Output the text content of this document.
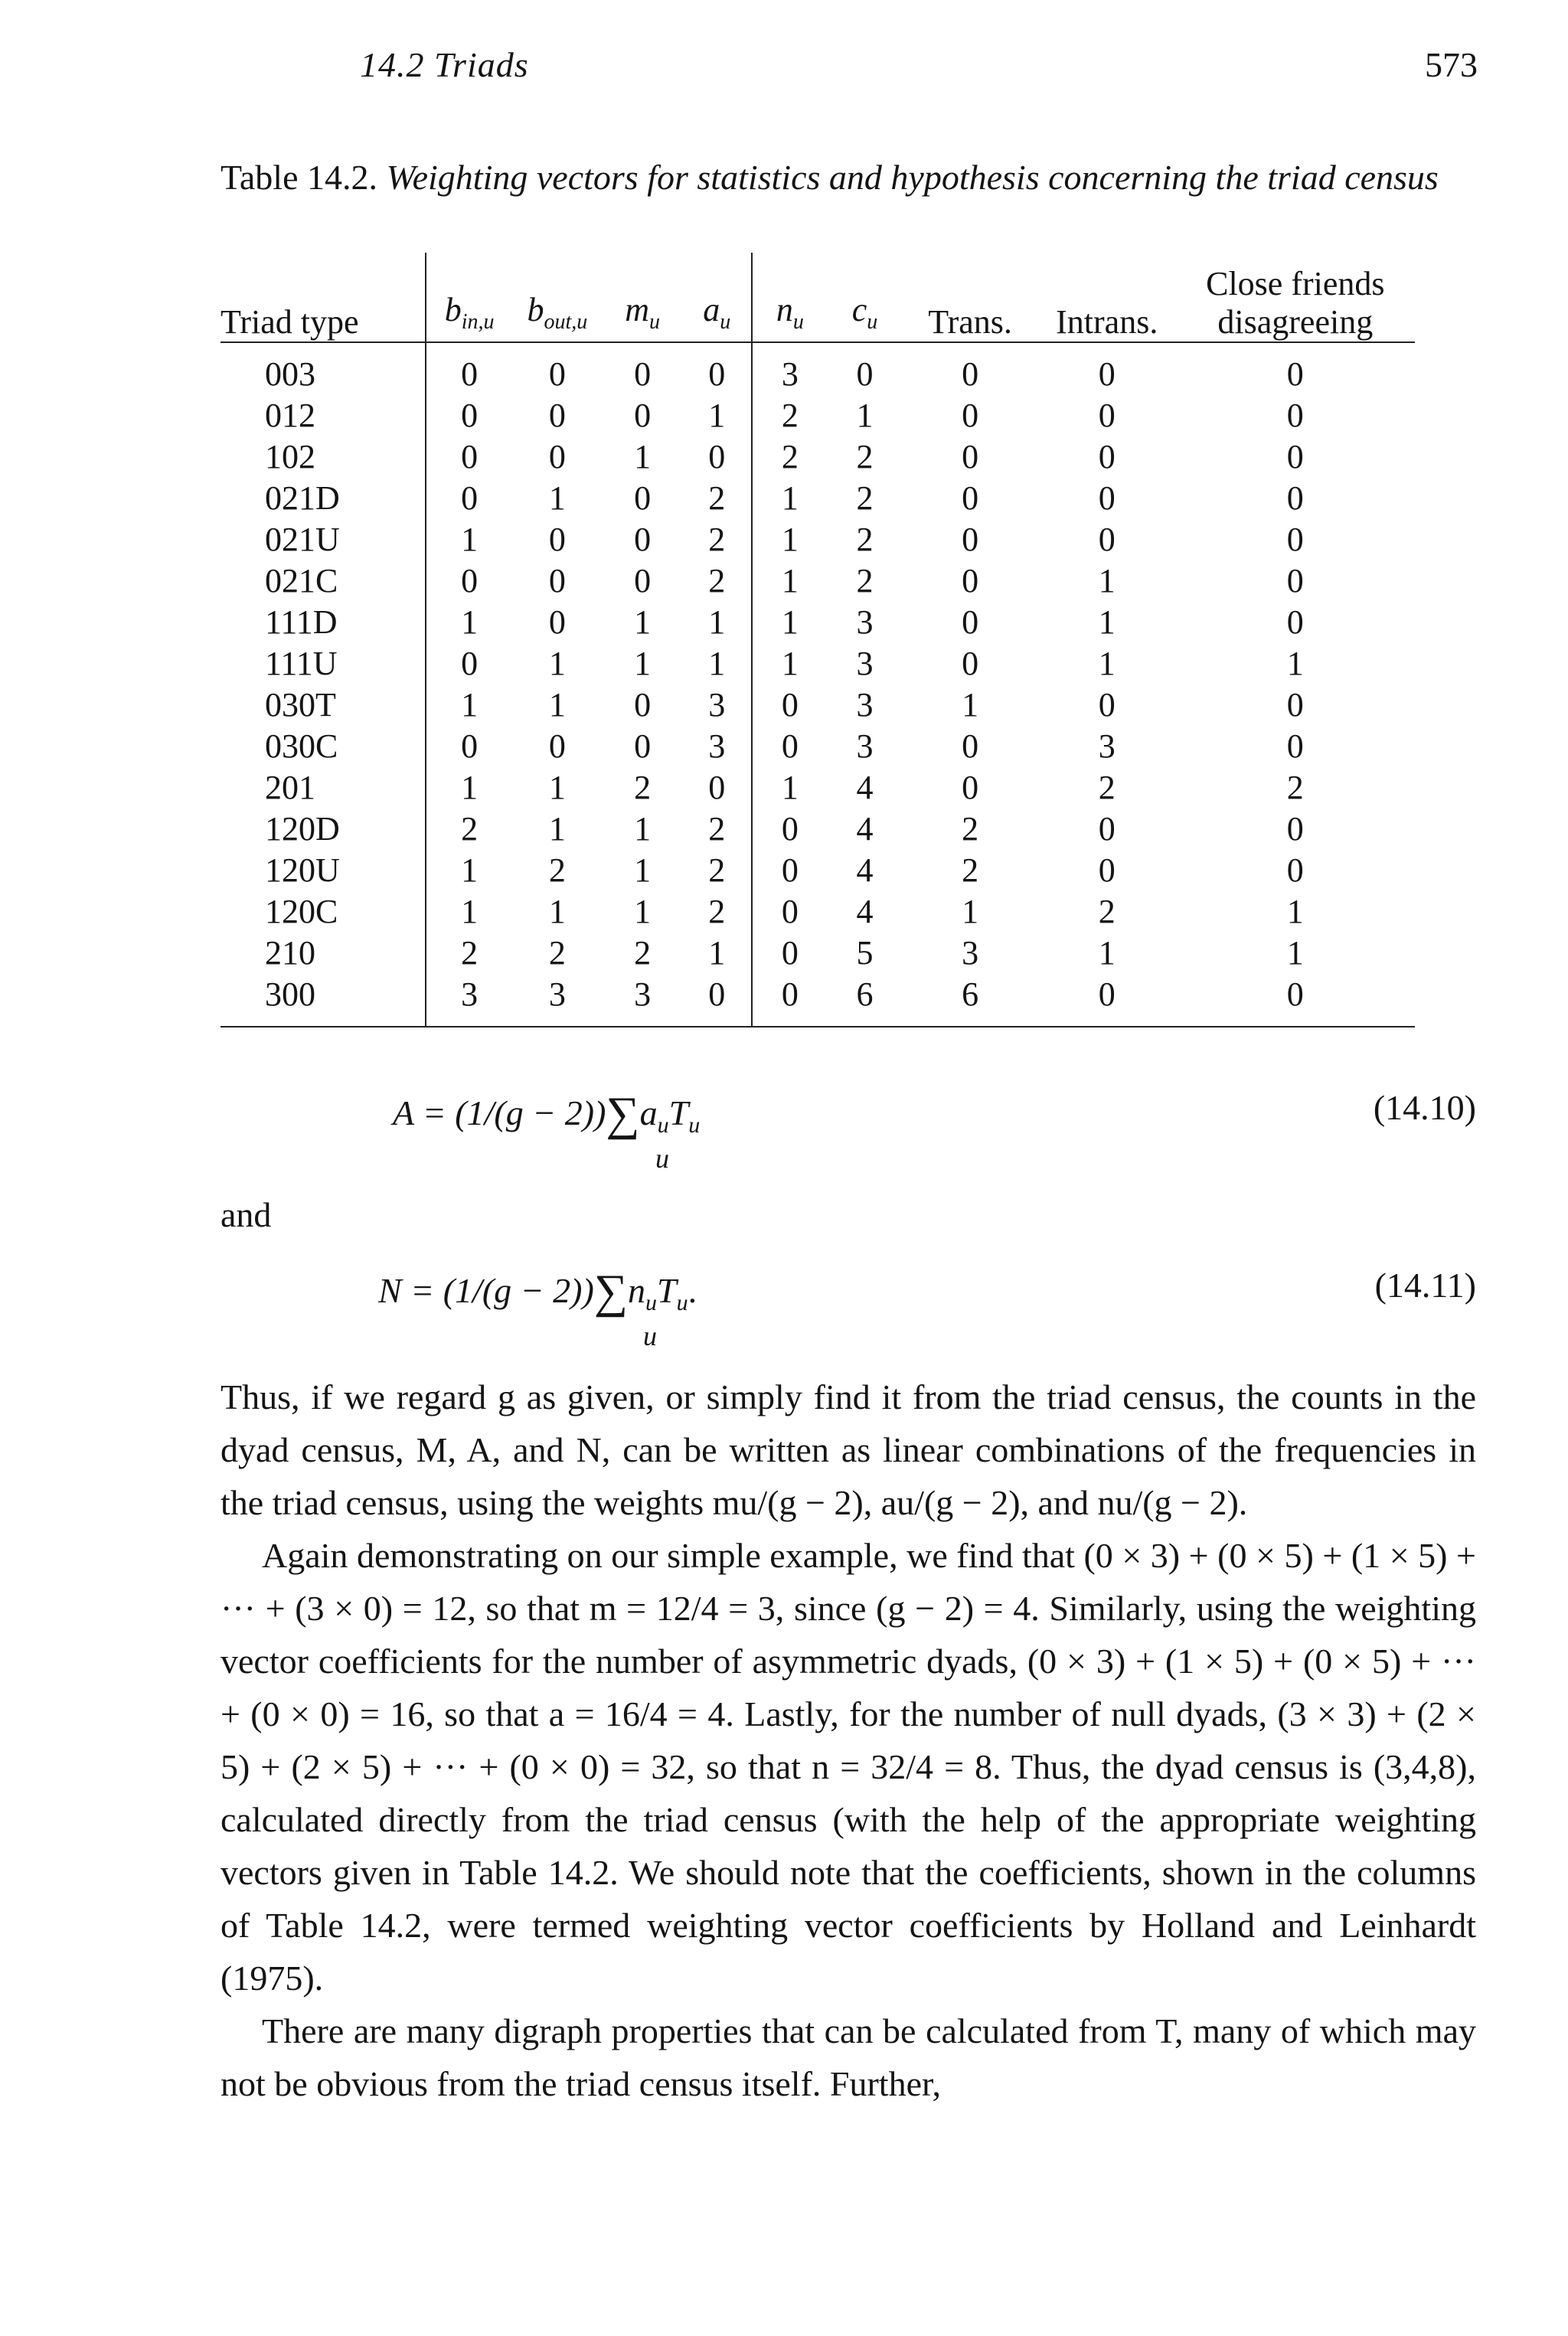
14.2 Triads	573
Table 14.2. Weighting vectors for statistics and hypothesis concerning the triad census
Triad type	$b_{in,u}$	$b_{out,u}$	$m_u$	$a_u$	$n_u$	$c_u$	Trans.	Intrans.	Close friends
disagreeing
003	0	0	0	0	3	0	0	0	0
012	0	0	0	1	2	1	0	0	0
102	0	0	1	0	2	2	0	0	0
021D	0	1	0	2	1	2	0	0	0
021U	1	0	0	2	1	2	0	0	0
021C	0	0	0	2	1	2	0	1	0
111D	1	0	1	1	1	3	0	1	0
111U	0	1	1	1	1	3	0	1	1
030T	1	1	0	3	0	3	1	0	0
030C	0	0	0	3	0	3	0	3	0
201	1	1	2	0	1	4	0	2	2
120D	2	1	1	2	0	4	2	0	0
120U	1	2	1	2	0	4	2	0	0
120C	1	1	1	2	0	4	1	2	1
210	2	2	2	1	0	5	3	1	1
300	3	3	3	0	0	6	6	0	0
$A = (1/(g - 2))\sum a_uT_u$
u
(14.10)
and
$N = (1/(g - 2))\sum n_uT_u$.
u
(14.11)

Thus, if we regard g as given, or simply find it from the triad census, the counts in the dyad census, M, A, and N, can be written as linear combinations of the frequencies in the triad census, using the weights mu/(g − 2), au/(g − 2), and nu/(g − 2).

Again demonstrating on our simple example, we find that (0 × 3) + (0 × 5) + (1 × 5) + ··· + (3 × 0) = 12, so that m = 12/4 = 3, since (g − 2) = 4. Similarly, using the weighting vector coefficients for the number of asymmetric dyads, (0 × 3) + (1 × 5) + (0 × 5) + ··· + (0 × 0) = 16, so that a = 16/4 = 4. Lastly, for the number of null dyads, (3 × 3) + (2 × 5) + (2 × 5) + ··· + (0 × 0) = 32, so that n = 32/4 = 8. Thus, the dyad census is (3,4,8), calculated directly from the triad census (with the help of the appropriate weighting vectors given in Table 14.2. We should note that the coefficients, shown in the columns of Table 14.2, were termed weighting vector coefficients by Holland and Leinhardt (1975).

There are many digraph properties that can be calculated from T, many of which may not be obvious from the triad census itself. Further,
